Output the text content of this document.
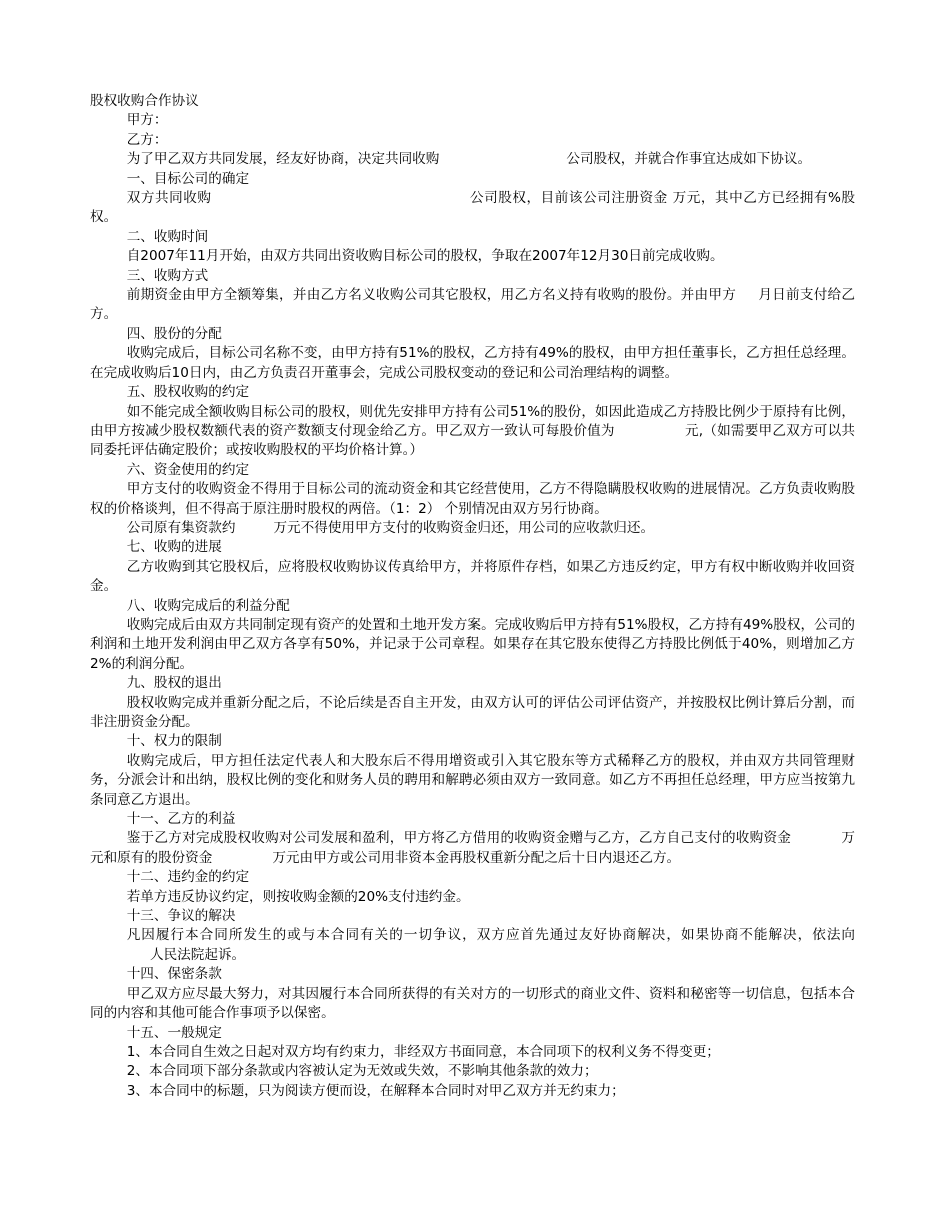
股权收购合作协议

甲方：

乙方：

为了甲乙双方共同发展，经友好协商，决定共同收购	公司股权，并就合作事宜达成如下协议。

一、目标公司的确定

双方共同收购	公司股权，目前该公司注册资金 万元，其中乙方已经拥有%股权。

二、收购时间

自2007年11月开始，由双方共同出资收购目标公司的股权，争取在2007年12月30日前完成收购。

三、收购方式

前期资金由甲方全额筹集，并由乙方名义收购公司其它股权，用乙方名义持有收购的股份。并由甲方 月日前支付给乙方。

四、股份的分配

收购完成后，目标公司名称不变，由甲方持有51%的股权，乙方持有49%的股权，由甲方担任董事长，乙方担任总经理。在完成收购后10日内，由乙方负责召开董事会，完成公司股权变动的登记和公司治理结构的调整。

五、股权收购的约定

如不能完成全额收购目标公司的股权，则优先安排甲方持有公司51%的股份，如因此造成乙方持股比例少于原持有比例，由甲方按减少股权数额代表的资产数额支付现金给乙方。甲乙双方一致认可每股价值为	元,（如需要甲乙双方可以共同委托评估确定股价；或按收购股权的平均价格计算。）

六、资金使用的约定

甲方支付的收购资金不得用于目标公司的流动资金和其它经营使用，乙方不得隐瞒股权收购的进展情况。乙方负责收购股权的价格谈判，但不得高于原注册时股权的两倍。（1：2） 个别情况由双方另行协商。

公司原有集资款约	万元不得使用甲方支付的收购资金归还，用公司的应收款归还。

七、收购的进展

乙方收购到其它股权后，应将股权收购协议传真给甲方，并将原件存档，如果乙方违反约定，甲方有权中断收购并收回资金。

八、收购完成后的利益分配

收购完成后由双方共同制定现有资产的处置和土地开发方案。完成收购后甲方持有51%股权，乙方持有49%股权，公司的利润和土地开发利润由甲乙双方各享有50%，并记录于公司章程。如果存在其它股东使得乙方持股比例低于40%，则增加乙方2%的利润分配。

九、股权的退出

股权收购完成并重新分配之后，不论后续是否自主开发，由双方认可的评估公司评估资产，并按股权比例计算后分割，而非注册资金分配。

十、权力的限制

收购完成后，甲方担任法定代表人和大股东后不得用增资或引入其它股东等方式稀释乙方的股权，并由双方共同管理财务，分派会计和出纳，股权比例的变化和财务人员的聘用和解聘必须由双方一致同意。如乙方不再担任总经理，甲方应当按第九条同意乙方退出。

十一、乙方的利益

鉴于乙方对完成股权收购对公司发展和盈利，甲方将乙方借用的收购资金赠与乙方，乙方自己支付的收购资金	万元和原有的股份资金	万元由甲方或公司用非资本金再股权重新分配之后十日内退还乙方。

十二、违约金的约定

若单方违反协议约定，则按收购金额的20%支付违约金。

十三、争议的解决

凡因履行本合同所发生的或与本合同有关的一切争议，双方应首先通过友好协商解决，如果协商不能解决，依法向人民法院起诉。

十四、保密条款

甲乙双方应尽最大努力，对其因履行本合同所获得的有关对方的一切形式的商业文件、资料和秘密等一切信息，包括本合同的内容和其他可能合作事项予以保密。

十五、一般规定

1、本合同自生效之日起对双方均有约束力，非经双方书面同意，本合同项下的权利义务不得变更；

2、本合同项下部分条款或内容被认定为无效或失效，不影响其他条款的效力；

3、本合同中的标题，只为阅读方便而设，在解释本合同时对甲乙双方并无约束力；
